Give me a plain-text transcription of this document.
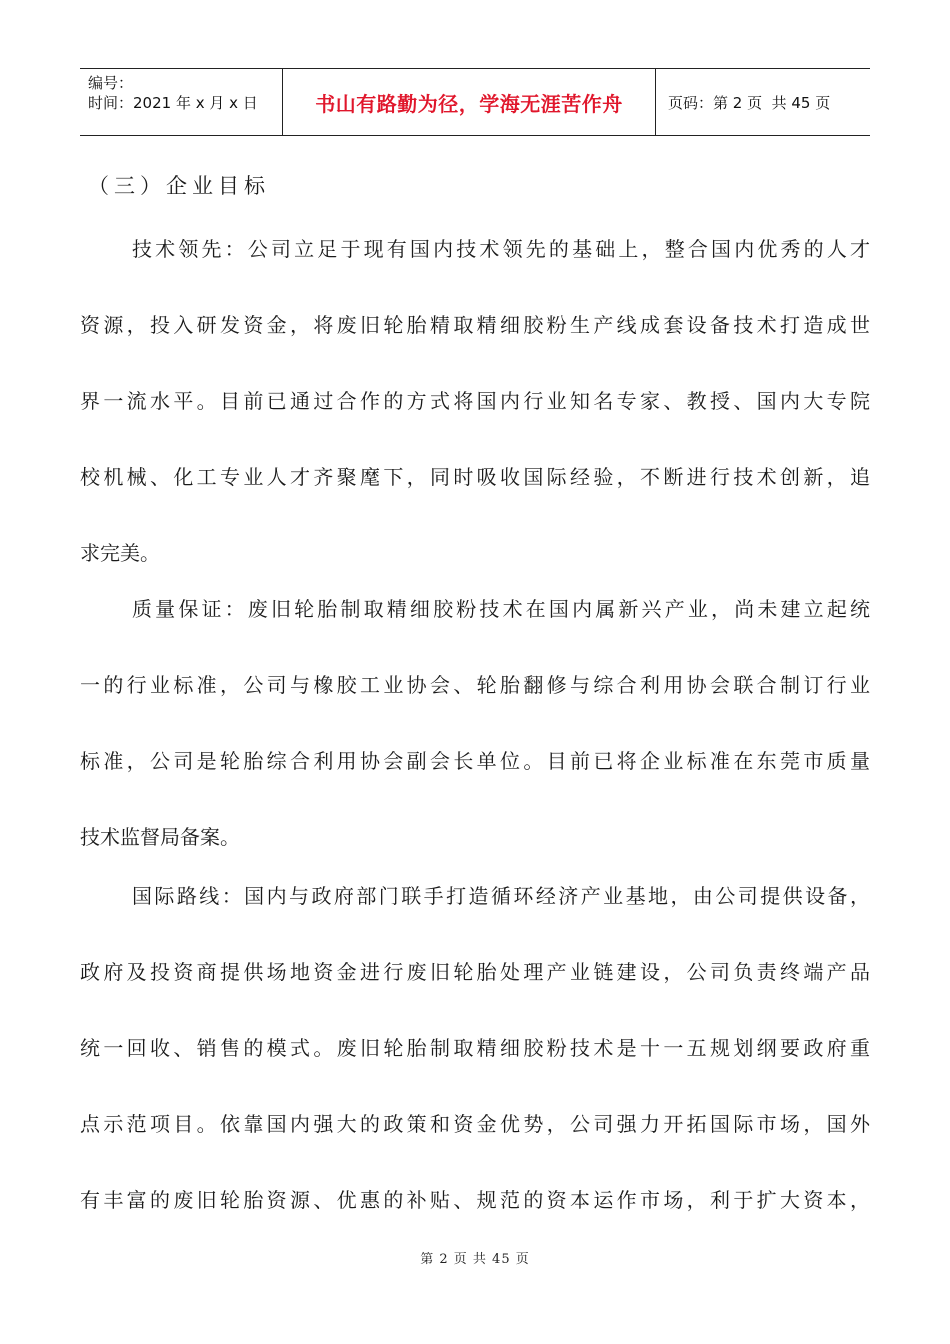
编号：
时间：2021 年 x 月 x 日	书山有路勤为径，学海无涯苦作舟	页码：第 2 页  共 45 页
（三）企业目标
技术领先：公司立足于现有国内技术领先的基础上，整合国内优秀的人才
资源，投入研发资金，将废旧轮胎精取精细胶粉生产线成套设备技术打造成世
界一流水平。目前已通过合作的方式将国内行业知名专家、教授、国内大专院
校机械、化工专业人才齐聚麾下，同时吸收国际经验，不断进行技术创新，追
求完美。
质量保证：废旧轮胎制取精细胶粉技术在国内属新兴产业，尚未建立起统
一的行业标准，公司与橡胶工业协会、轮胎翻修与综合利用协会联合制订行业
标准，公司是轮胎综合利用协会副会长单位。目前已将企业标准在东莞市质量
技术监督局备案。
国际路线：国内与政府部门联手打造循环经济产业基地，由公司提供设备，
政府及投资商提供场地资金进行废旧轮胎处理产业链建设，公司负责终端产品
统一回收、销售的模式。废旧轮胎制取精细胶粉技术是十一五规划纲要政府重
点示范项目。依靠国内强大的政策和资金优势，公司强力开拓国际市场，国外
有丰富的废旧轮胎资源、优惠的补贴、规范的资本运作市场，利于扩大资本，
第 2 页 共 45 页
